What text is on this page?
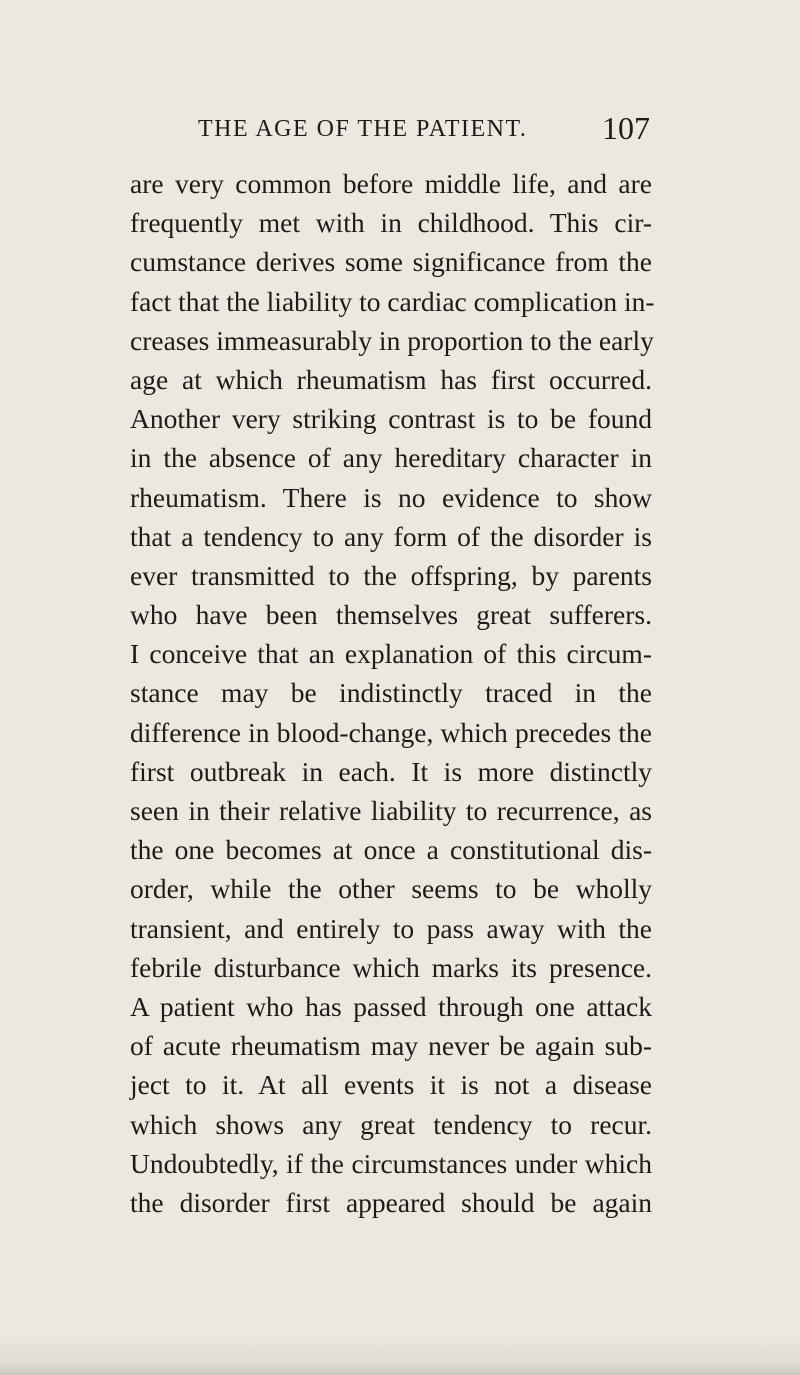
THE AGE OF THE PATIENT. 107
are very common before middle life, and are
frequently met with in childhood. This cir-
cumstance derives some significance from the
fact that the liability to cardiac complication in-
creases immeasurably in proportion to the early
age at which rheumatism has first occurred.
Another very striking contrast is to be found
in the absence of any hereditary character in
rheumatism. There is no evidence to show
that a tendency to any form of the disorder is
ever transmitted to the offspring, by parents
who have been themselves great sufferers.
I conceive that an explanation of this circum-
stance may be indistinctly traced in the
difference in blood-change, which precedes the
first outbreak in each. It is more distinctly
seen in their relative liability to recurrence, as
the one becomes at once a constitutional dis-
order, while the other seems to be wholly
transient, and entirely to pass away with the
febrile disturbance which marks its presence.
A patient who has passed through one attack
of acute rheumatism may never be again sub-
ject to it. At all events it is not a disease
which shows any great tendency to recur.
Undoubtedly, if the circumstances under which
the disorder first appeared should be again
